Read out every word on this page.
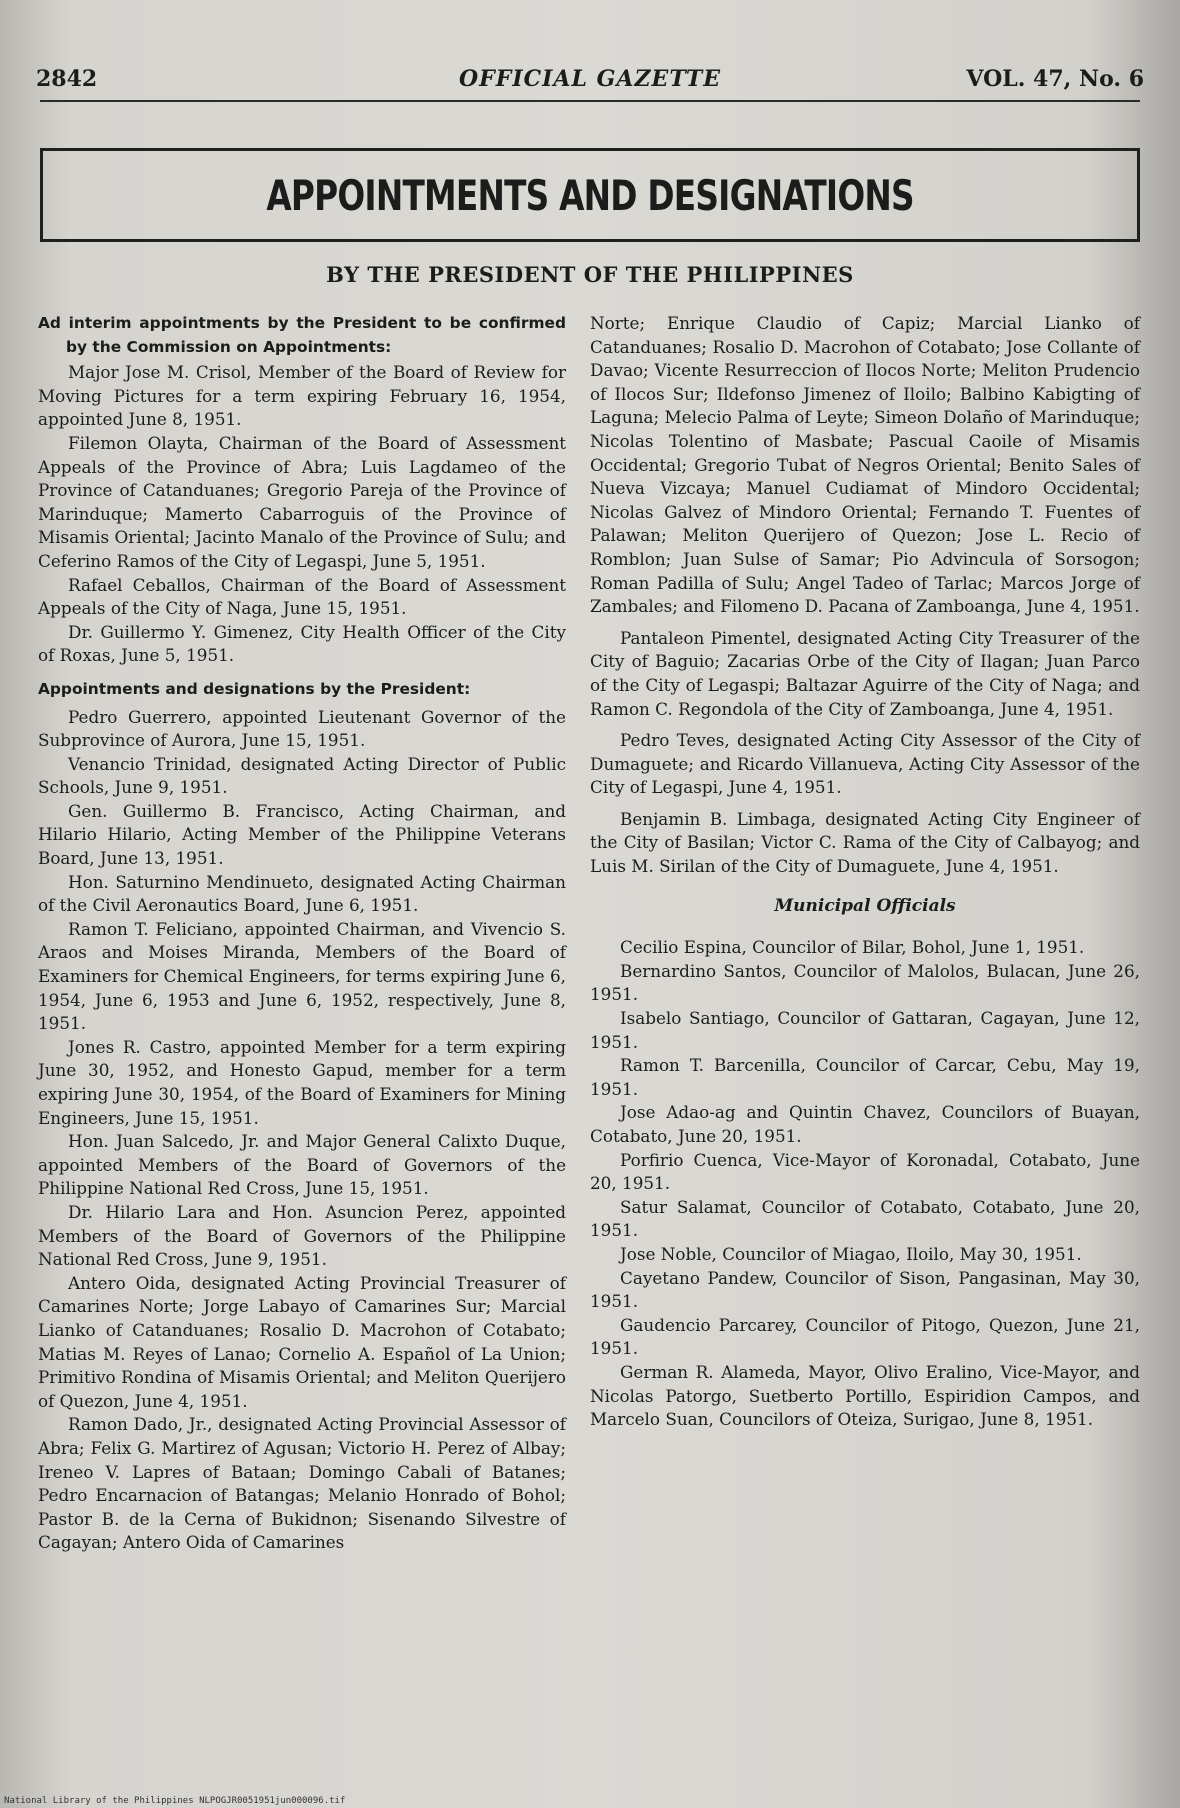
2842	OFFICIAL GAZETTE	VOL. 47, No. 6
APPOINTMENTS AND DESIGNATIONS
BY THE PRESIDENT OF THE PHILIPPINES

Ad interim appointments by the President to be confirmed by the Commission on Appointments:

Major Jose M. Crisol, Member of the Board of Review for Moving Pictures for a term expiring February 16, 1954, appointed June 8, 1951.

Filemon Olayta, Chairman of the Board of Assessment Appeals of the Province of Abra; Luis Lagdameo of the Province of Catanduanes; Gregorio Pareja of the Province of Marinduque; Mamerto Cabarroguis of the Province of Misamis Oriental; Jacinto Manalo of the Province of Sulu; and Ceferino Ramos of the City of Legaspi, June 5, 1951.

Rafael Ceballos, Chairman of the Board of Assessment Appeals of the City of Naga, June 15, 1951.

Dr. Guillermo Y. Gimenez, City Health Officer of the City of Roxas, June 5, 1951.

Appointments and designations by the President:

Pedro Guerrero, appointed Lieutenant Governor of the Subprovince of Aurora, June 15, 1951.

Venancio Trinidad, designated Acting Director of Public Schools, June 9, 1951.

Gen. Guillermo B. Francisco, Acting Chairman, and Hilario Hilario, Acting Member of the Philippine Veterans Board, June 13, 1951.

Hon. Saturnino Mendinueto, designated Acting Chairman of the Civil Aeronautics Board, June 6, 1951.

Ramon T. Feliciano, appointed Chairman, and Vivencio S. Araos and Moises Miranda, Members of the Board of Examiners for Chemical Engineers, for terms expiring June 6, 1954, June 6, 1953 and June 6, 1952, respectively, June 8, 1951.

Jones R. Castro, appointed Member for a term expiring June 30, 1952, and Honesto Gapud, member for a term expiring June 30, 1954, of the Board of Examiners for Mining Engineers, June 15, 1951.

Hon. Juan Salcedo, Jr. and Major General Calixto Duque, appointed Members of the Board of Governors of the Philippine National Red Cross, June 15, 1951.

Dr. Hilario Lara and Hon. Asuncion Perez, appointed Members of the Board of Governors of the Philippine National Red Cross, June 9, 1951.

Antero Oida, designated Acting Provincial Treasurer of Camarines Norte; Jorge Labayo of Camarines Sur; Marcial Lianko of Catanduanes; Rosalio D. Macrohon of Cotabato; Matias M. Reyes of Lanao; Cornelio A. Español of La Union; Primitivo Rondina of Misamis Oriental; and Meliton Querijero of Quezon, June 4, 1951.

Ramon Dado, Jr., designated Acting Provincial Assessor of Abra; Felix G. Martirez of Agusan; Victorio H. Perez of Albay; Ireneo V. Lapres of Bataan; Domingo Cabali of Batanes; Pedro Encarnacion of Batangas; Melanio Honrado of Bohol; Pastor B. de la Cerna of Bukidnon; Sisenando Silvestre of Cagayan; Antero Oida of Camarines

Norte; Enrique Claudio of Capiz; Marcial Lianko of Catanduanes; Rosalio D. Macrohon of Cotabato; Jose Collante of Davao; Vicente Resurreccion of Ilocos Norte; Meliton Prudencio of Ilocos Sur; Ildefonso Jimenez of Iloilo; Balbino Kabigting of Laguna; Melecio Palma of Leyte; Simeon Dolaño of Marinduque; Nicolas Tolentino of Masbate; Pascual Caoile of Misamis Occidental; Gregorio Tubat of Negros Oriental; Benito Sales of Nueva Vizcaya; Manuel Cudiamat of Mindoro Occidental; Nicolas Galvez of Mindoro Oriental; Fernando T. Fuentes of Palawan; Meliton Querijero of Quezon; Jose L. Recio of Romblon; Juan Sulse of Samar; Pio Advincula of Sorsogon; Roman Padilla of Sulu; Angel Tadeo of Tarlac; Marcos Jorge of Zambales; and Filomeno D. Pacana of Zamboanga, June 4, 1951.

Pantaleon Pimentel, designated Acting City Treasurer of the City of Baguio; Zacarias Orbe of the City of Ilagan; Juan Parco of the City of Legaspi; Baltazar Aguirre of the City of Naga; and Ramon C. Regondola of the City of Zamboanga, June 4, 1951.

Pedro Teves, designated Acting City Assessor of the City of Dumaguete; and Ricardo Villanueva, Acting City Assessor of the City of Legaspi, June 4, 1951.

Benjamin B. Limbaga, designated Acting City Engineer of the City of Basilan; Victor C. Rama of the City of Calbayog; and Luis M. Sirilan of the City of Dumaguete, June 4, 1951.

Municipal Officials

Cecilio Espina, Councilor of Bilar, Bohol, June 1, 1951.

Bernardino Santos, Councilor of Malolos, Bulacan, June 26, 1951.

Isabelo Santiago, Councilor of Gattaran, Cagayan, June 12, 1951.

Ramon T. Barcenilla, Councilor of Carcar, Cebu, May 19, 1951.

Jose Adao-ag and Quintin Chavez, Councilors of Buayan, Cotabato, June 20, 1951.

Porfirio Cuenca, Vice-Mayor of Koronadal, Cotabato, June 20, 1951.

Satur Salamat, Councilor of Cotabato, Cotabato, June 20, 1951.

Jose Noble, Councilor of Miagao, Iloilo, May 30, 1951.

Cayetano Pandew, Councilor of Sison, Pangasinan, May 30, 1951.

Gaudencio Parcarey, Councilor of Pitogo, Quezon, June 21, 1951.

German R. Alameda, Mayor, Olivo Eralino, Vice-Mayor, and Nicolas Patorgo, Suetberto Portillo, Espiridion Campos, and Marcelo Suan, Councilors of Oteiza, Surigao, June 8, 1951.

National Library of the Philippines NLPOGJR0051951jun000096.tif
